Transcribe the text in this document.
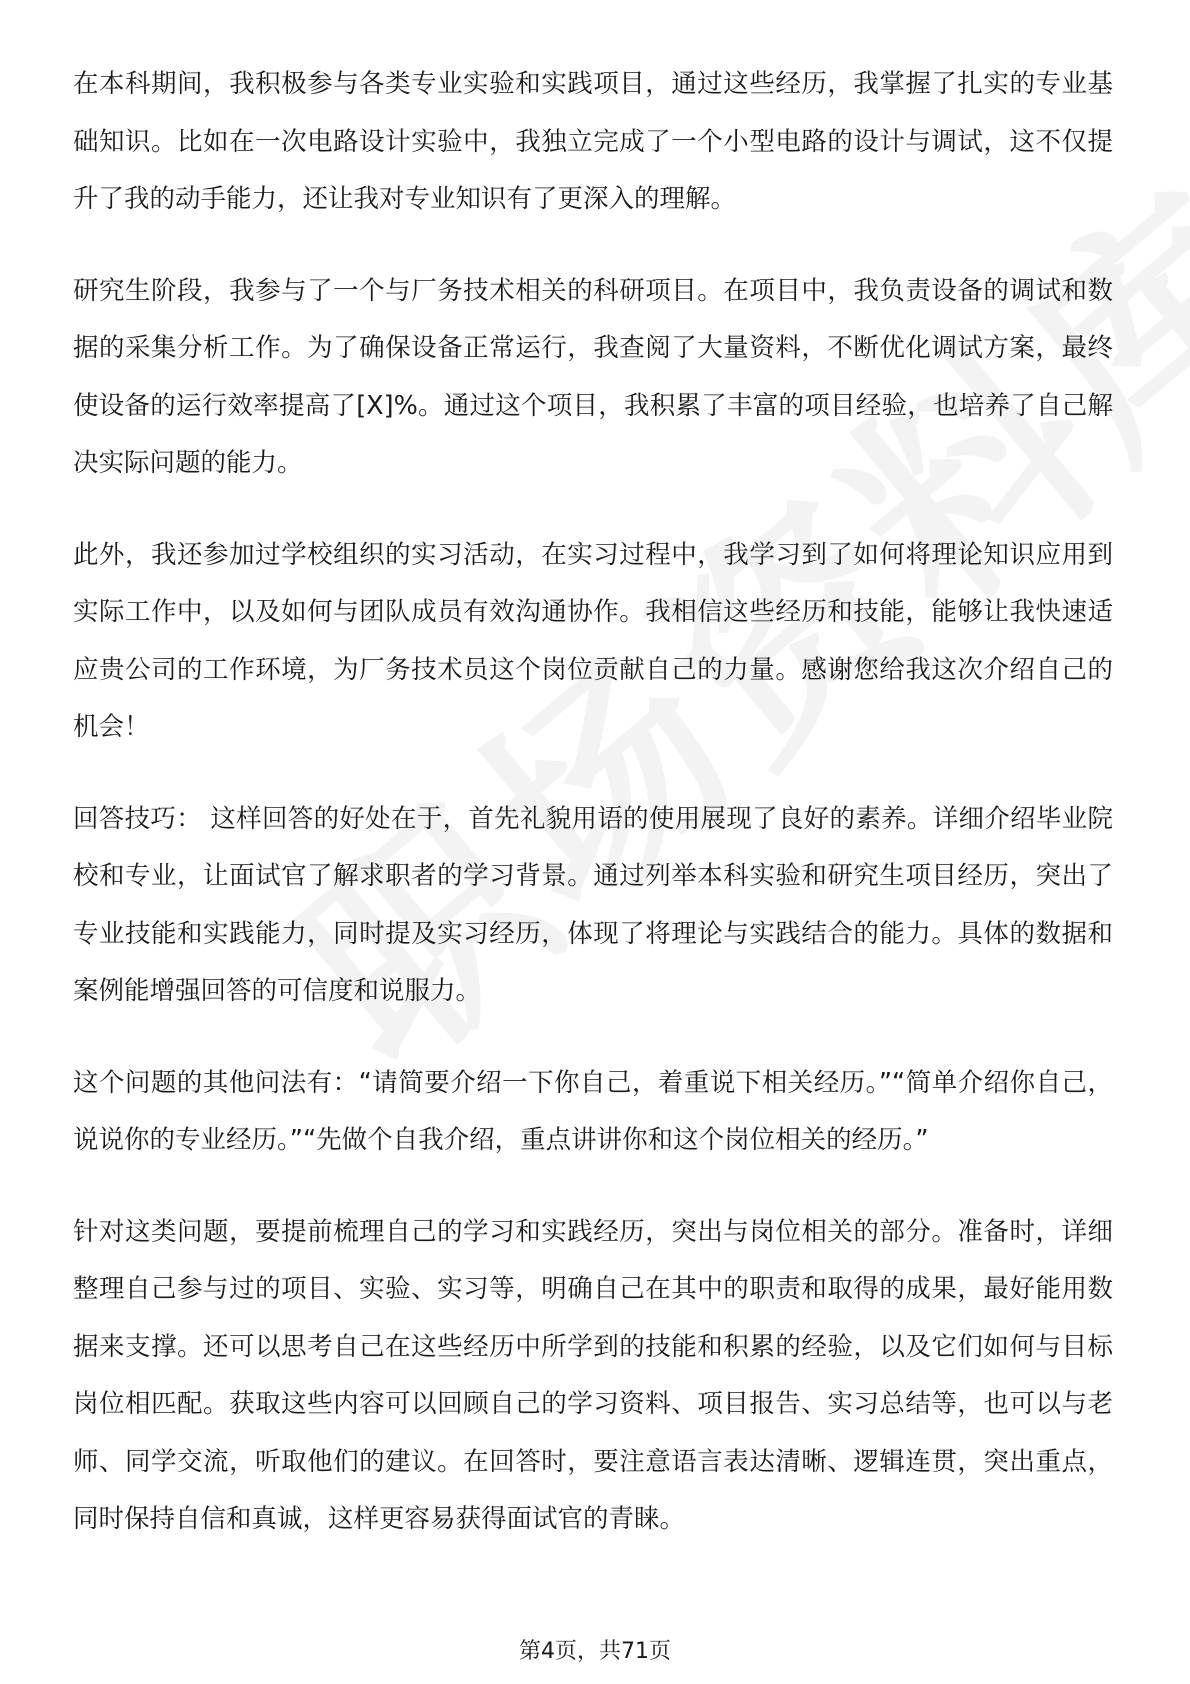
在本科期间，我积极参与各类专业实验和实践项目，通过这些经历，我掌握了扎实的专业基础知识。比如在一次电路设计实验中，我独立完成了一个小型电路的设计与调试，这不仅提升了我的动手能力，还让我对专业知识有了更深入的理解。

研究生阶段，我参与了一个与厂务技术相关的科研项目。在项目中，我负责设备的调试和数据的采集分析工作。为了确保设备正常运行，我查阅了大量资料，不断优化调试方案，最终使设备的运行效率提高了[X]%。通过这个项目，我积累了丰富的项目经验，也培养了自己解决实际问题的能力。

此外，我还参加过学校组织的实习活动，在实习过程中，我学习到了如何将理论知识应用到实际工作中，以及如何与团队成员有效沟通协作。我相信这些经历和技能，能够让我快速适应贵公司的工作环境，为厂务技术员这个岗位贡献自己的力量。感谢您给我这次介绍自己的机会！

回答技巧： 这样回答的好处在于，首先礼貌用语的使用展现了良好的素养。详细介绍毕业院校和专业，让面试官了解求职者的学习背景。通过列举本科实验和研究生项目经历，突出了专业技能和实践能力，同时提及实习经历，体现了将理论与实践结合的能力。具体的数据和案例能增强回答的可信度和说服力。

这个问题的其他问法有：“请简要介绍一下你自己，着重说下相关经历。”“简单介绍你自己，说说你的专业经历。”“先做个自我介绍，重点讲讲你和这个岗位相关的经历。”

针对这类问题，要提前梳理自己的学习和实践经历，突出与岗位相关的部分。准备时，详细整理自己参与过的项目、实验、实习等，明确自己在其中的职责和取得的成果，最好能用数据来支撑。还可以思考自己在这些经历中所学到的技能和积累的经验，以及它们如何与目标岗位相匹配。获取这些内容可以回顾自己的学习资料、项目报告、实习总结等，也可以与老师、同学交流，听取他们的建议。在回答时，要注意语言表达清晰、逻辑连贯，突出重点，同时保持自信和真诚，这样更容易获得面试官的青睐。

第4页，共71页
